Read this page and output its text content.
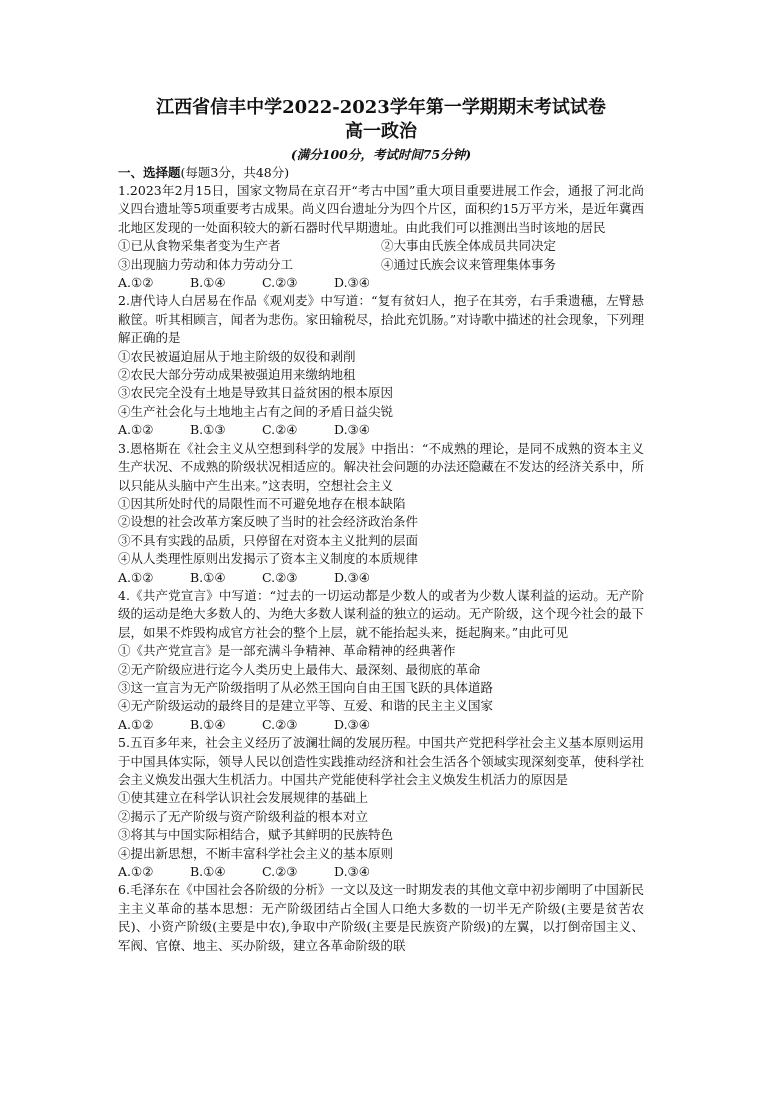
江西省信丰中学2022-2023学年第一学期期末考试试卷

高一政治

(满分100分，考试时间75分钟)

一、选择题(每题3分，共48分)

1.2023年2月15日，国家文物局在京召开“考古中国”重大项目重要进展工作会，通报了河北尚义四台遗址等5项重要考古成果。尚义四台遗址分为四个片区，面积约15万平方米，是近年冀西北地区发现的一处面积较大的新石器时代早期遗址。由此我们可以推测出当时该地的居民

①已从食物采集者变为生产者	②大事由氏族全体成员共同决定
③出现脑力劳动和体力劳动分工	④通过氏族会议来管理集体事务
A.①②	B.①④	C.②③	D.③④

2.唐代诗人白居易在作品《观刈麦》中写道：“复有贫妇人，抱子在其旁，右手秉遗穗，左臂悬敝筐。听其相顾言，闻者为悲伤。家田输税尽，拾此充饥肠。”对诗歌中描述的社会现象，下列理解正确的是

①农民被逼迫屈从于地主阶级的奴役和剥削

②农民大部分劳动成果被强迫用来缴纳地租

③农民完全没有土地是导致其日益贫困的根本原因

④生产社会化与土地地主占有之间的矛盾日益尖锐

A.①②	B.①③	C.②④	D.③④

3.恩格斯在《社会主义从空想到科学的发展》中指出：“不成熟的理论，是同不成熟的资本主义生产状况、不成熟的阶级状况相适应的。解决社会问题的办法还隐藏在不发达的经济关系中，所以只能从头脑中产生出来。”这表明，空想社会主义

①因其所处时代的局限性而不可避免地存在根本缺陷

②设想的社会改革方案反映了当时的社会经济政治条件

③不具有实践的品质，只停留在对资本主义批判的层面

④从人类理性原则出发揭示了资本主义制度的本质规律

A.①②	B.①④	C.②③	D.③④

4.《共产党宣言》中写道：“过去的一切运动都是少数人的或者为少数人谋利益的运动。无产阶级的运动是绝大多数人的、为绝大多数人谋利益的独立的运动。无产阶级，这个现今社会的最下层，如果不炸毁构成官方社会的整个上层，就不能抬起头来，挺起胸来。”由此可见

①《共产党宣言》是一部充满斗争精神、革命精神的经典著作

②无产阶级应进行迄今人类历史上最伟大、最深刻、最彻底的革命

③这一宣言为无产阶级指明了从必然王国向自由王国飞跃的具体道路

④无产阶级运动的最终目的是建立平等、互爱、和谐的民主主义国家

A.①②	B.①④	C.②③	D.③④

5.五百多年来，社会主义经历了波澜壮阔的发展历程。中国共产党把科学社会主义基本原则运用于中国具体实际，领导人民以创造性实践推动经济和社会生活各个领域实现深刻变革，使科学社会主义焕发出强大生机活力。中国共产党能使科学社会主义焕发生机活力的原因是

①使其建立在科学认识社会发展规律的基础上

②揭示了无产阶级与资产阶级利益的根本对立

③将其与中国实际相结合，赋予其鲜明的民族特色

④提出新思想，不断丰富科学社会主义的基本原则

A.①②	B.①④	C.②③	D.③④

6.毛泽东在《中国社会各阶级的分析》一文以及这一时期发表的其他文章中初步阐明了中国新民主主义革命的基本思想：无产阶级团结占全国人口绝大多数的一切半无产阶级(主要是贫苦农民)、小资产阶级(主要是中农),争取中产阶级(主要是民族资产阶级)的左翼，以打倒帝国主义、军阀、官僚、地主、买办阶级，建立各革命阶级的联
